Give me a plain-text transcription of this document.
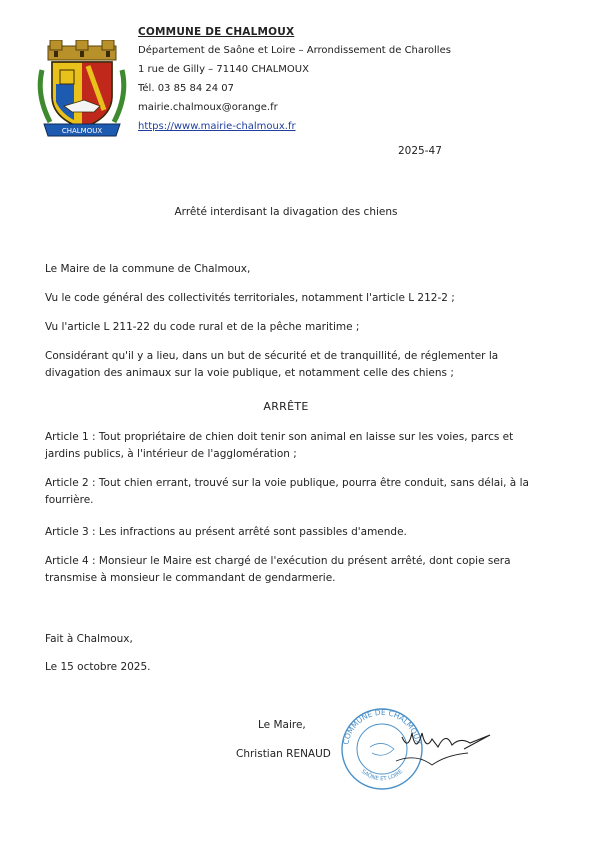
CHALMOUX
COMMUNE DE CHALMOUX
Département de Saône et Loire – Arrondissement de Charolles
1 rue de Gilly – 71140 CHALMOUX
Tél. 03 85 84 24 07
mairie.chalmoux@orange.fr
https://www.mairie-chalmoux.fr
2025-47
Arrêté interdisant la divagation des chiens
Le Maire de la commune de Chalmoux,
Vu le code général des collectivités territoriales, notamment l'article L 212-2 ;
Vu l'article L 211-22 du code rural et de la pêche maritime ;
Considérant qu'il y a lieu, dans un but de sécurité et de tranquillité, de réglementer la divagation des animaux sur la voie publique, et notamment celle des chiens ;
ARRÊTE
Article 1 : Tout propriétaire de chien doit tenir son animal en laisse sur les voies, parcs et jardins publics, à l'intérieur de l'agglomération ;
Article 2 : Tout chien errant, trouvé sur la voie publique, pourra être conduit, sans délai, à la fourrière.
Article 3 : Les infractions au présent arrêté sont passibles d'amende.
Article 4 : Monsieur le Maire est chargé de l'exécution du présent arrêté, dont copie sera transmise à monsieur le commandant de gendarmerie.
Fait à Chalmoux,
Le 15 octobre 2025.
Le Maire,
Christian RENAUD
COMMUNE DE CHALMOUX
SAÔNE ET LOIRE
